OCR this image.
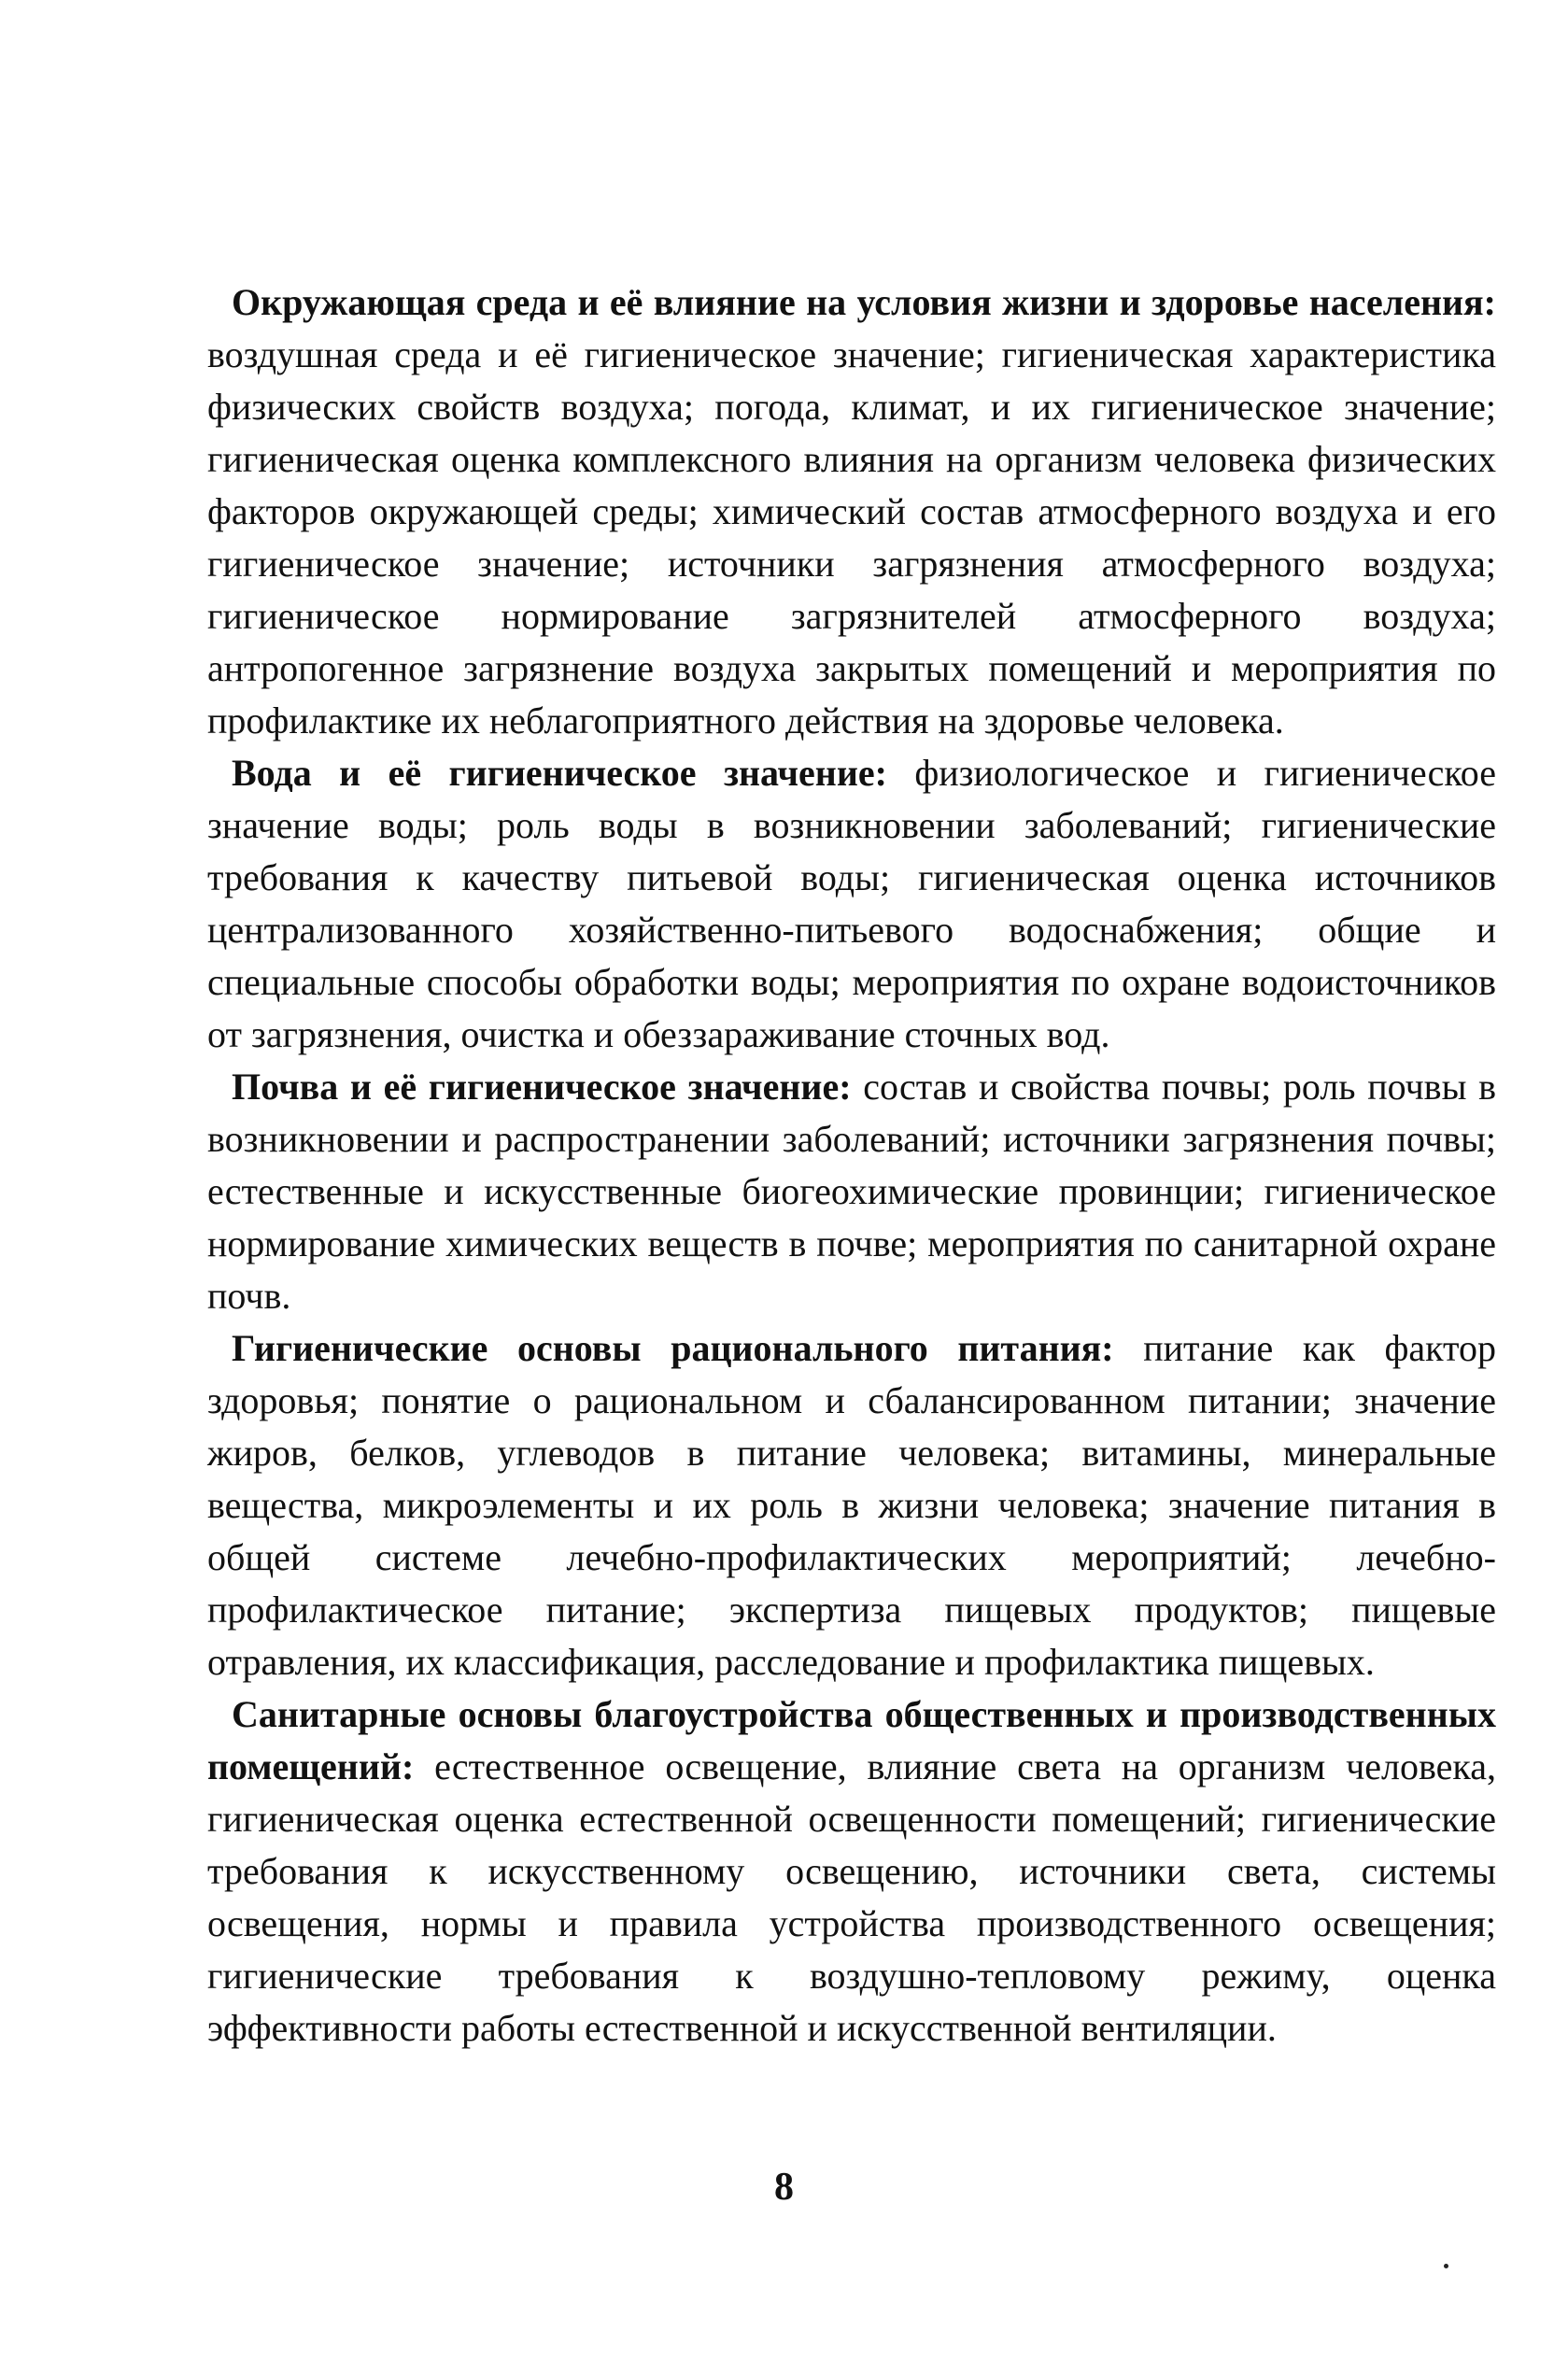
Окружающая среда и её влияние на условия жизни и здоровье населения: воздушная среда и её гигиеническое значение; гигиеническая характеристика физических свойств воздуха; погода, климат, и их гигиеническое значение; гигиеническая оценка комплексного влияния на организм человека физических факторов окружающей среды; химический состав атмосферного воздуха и его гигиеническое значение; источники загрязнения атмосферного воздуха; гигиеническое нормирование загрязнителей атмосферного воздуха; антропогенное загрязнение воздуха закрытых помещений и мероприятия по профилактике их неблагоприятного действия на здоровье человека.

Вода и её гигиеническое значение: физиологическое и гигиеническое значение воды; роль воды в возникновении заболеваний; гигиенические требования к качеству питьевой воды; гигиеническая оценка источников централизованного хозяйственно-питьевого водоснабжения; общие и специальные способы обработки воды; мероприятия по охране водоисточников от загрязнения, очистка и обеззараживание сточных вод.

Почва и её гигиеническое значение: состав и свойства почвы; роль почвы в возникновении и распространении заболеваний; источники загрязнения почвы; естественные и искусственные биогеохимические провинции; гигиеническое нормирование химических веществ в почве; мероприятия по санитарной охране почв.

Гигиенические основы рационального питания: питание как фактор здоровья; понятие о рациональном и сбалансированном питании; значение жиров, белков, углеводов в питание человека; витамины, минеральные вещества, микроэлементы и их роль в жизни человека; значение питания в общей системе лечебно-профилактических мероприятий; лечебно-профилактическое питание; экспертиза пищевых продуктов; пищевые отравления, их классификация, расследование и профилактика пищевых.

Санитарные основы благоустройства общественных и производственных помещений: естественное освещение, влияние света на организм человека, гигиеническая оценка естественной освещенности помещений; гигиенические требования к искусственному освещению, источники света, системы освещения, нормы и правила устройства производственного освещения; гигиенические требования к воздушно-тепловому режиму, оценка эффективности работы естественной и искусственной вентиляции.

8
